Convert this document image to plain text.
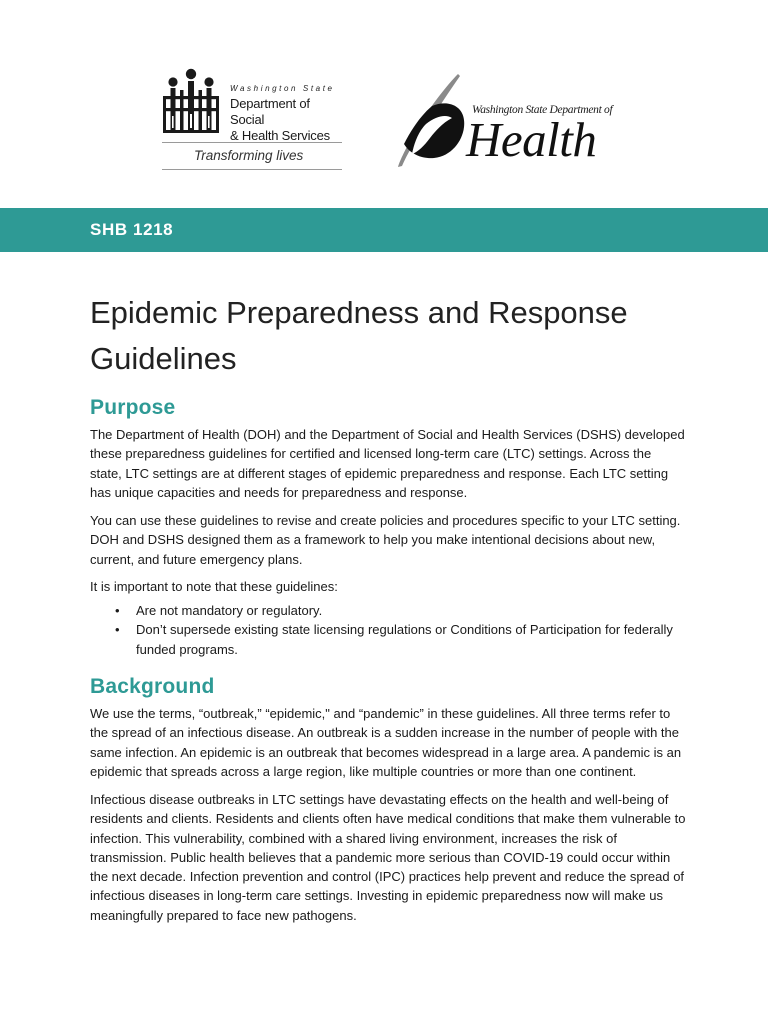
Washington State
Department of Social
& Health Services
Transforming lives
Washington State Department of
Health
SHB 1218
Epidemic Preparedness and Response Guidelines
Purpose

The Department of Health (DOH) and the Department of Social and Health Services (DSHS) developed these preparedness guidelines for certified and licensed long-term care (LTC) settings. Across the state, LTC settings are at different stages of epidemic preparedness and response. Each LTC setting has unique capacities and needs for preparedness and response.

You can use these guidelines to revise and create policies and procedures specific to your LTC setting. DOH and DSHS designed them as a framework to help you make intentional decisions about new, current, and future emergency plans.

It is important to note that these guidelines:

• Are not mandatory or regulatory.
• Don’t supersede existing state licensing regulations or Conditions of Participation for federally funded programs.
Background

We use the terms, “outbreak,” “epidemic," and “pandemic” in these guidelines. All three terms refer to the spread of an infectious disease. An outbreak is a sudden increase in the number of people with the same infection. An epidemic is an outbreak that becomes widespread in a large area. A pandemic is an epidemic that spreads across a large region, like multiple countries or more than one continent.

Infectious disease outbreaks in LTC settings have devastating effects on the health and well-being of residents and clients. Residents and clients often have medical conditions that make them vulnerable to infection. This vulnerability, combined with a shared living environment, increases the risk of transmission. Public health believes that a pandemic more serious than COVID-19 could occur within the next decade. Infection prevention and control (IPC) practices help prevent and reduce the spread of infectious diseases in long-term care settings. Investing in epidemic preparedness now will make us meaningfully prepared to face new pathogens.
